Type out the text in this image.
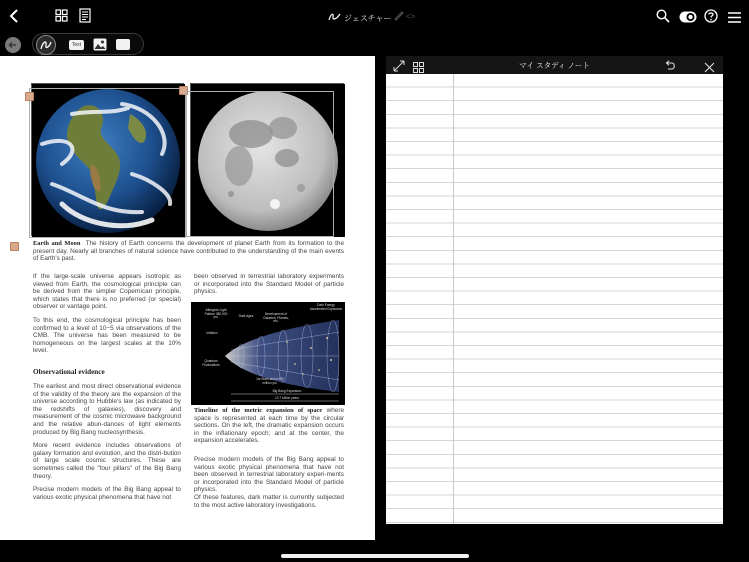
ジェスチャー <>
Text
Earth and Moon The history of Earth concerns the development of planet Earth from its formation to the present day. Nearly all branches of natural science have contributed to the understanding of the main events of Earth's past.

If the large-scale universe appears isotropic as viewed from Earth, the cosmological principle can be derived from the simpler Copernican principle, which states that there is no preferred (or special) observer or vantage point.

To this end, the cosmological principle has been confirmed to a level of 10−5 via observations of the CMB. The universe has been measured to be homogeneous on the largest scales at the 10% level.

Observational evidence

The earliest and most direct observational evidence of the validity of the theory are the expansion of the universe according to Hubble's law (as indicated by the redshifts of galaxies), discovery and measurement of the cosmic microwave background and the relative abun-dances of light elements produced by Big Bang nucleosynthesis.

More recent evidence includes observations of galaxy formation and evolution, and the distri-bution of large scale cosmic structures. These are sometimes called the "four pillars" of the Big Bang theory.

Precise modern models of the Big Bang appeal to various exotic physical phenomena that have not

been observed in terrestrial laboratory experiments or incorporated into the Standard Model of particle physics.

Afterglow Light Pattern 380,000 yrs.	Dark Ages	Development of Galaxies, Planets, etc.
Dark Energy Accelerated Expansion
Inflation
Quantum Fluctuations
1st Stars about 400 million yrs.
Big Bang Expansion
13.7 billion years

Timeline of the metric expansion of space where space is represented at each time by the circular sections. On the left, the dramatic expansion occurs in the inflationary epoch; and at the center, the expansion accelerates.

Precise modern models of the Big Bang appeal to various exotic physical phenomena that have not been observed in terrestrial laboratory experi-ments or incorporated into the Standard Model of particle physics.

Of these features, dark matter is currently subjected to the most active laboratory investigations.

マイ スタディ ノート
